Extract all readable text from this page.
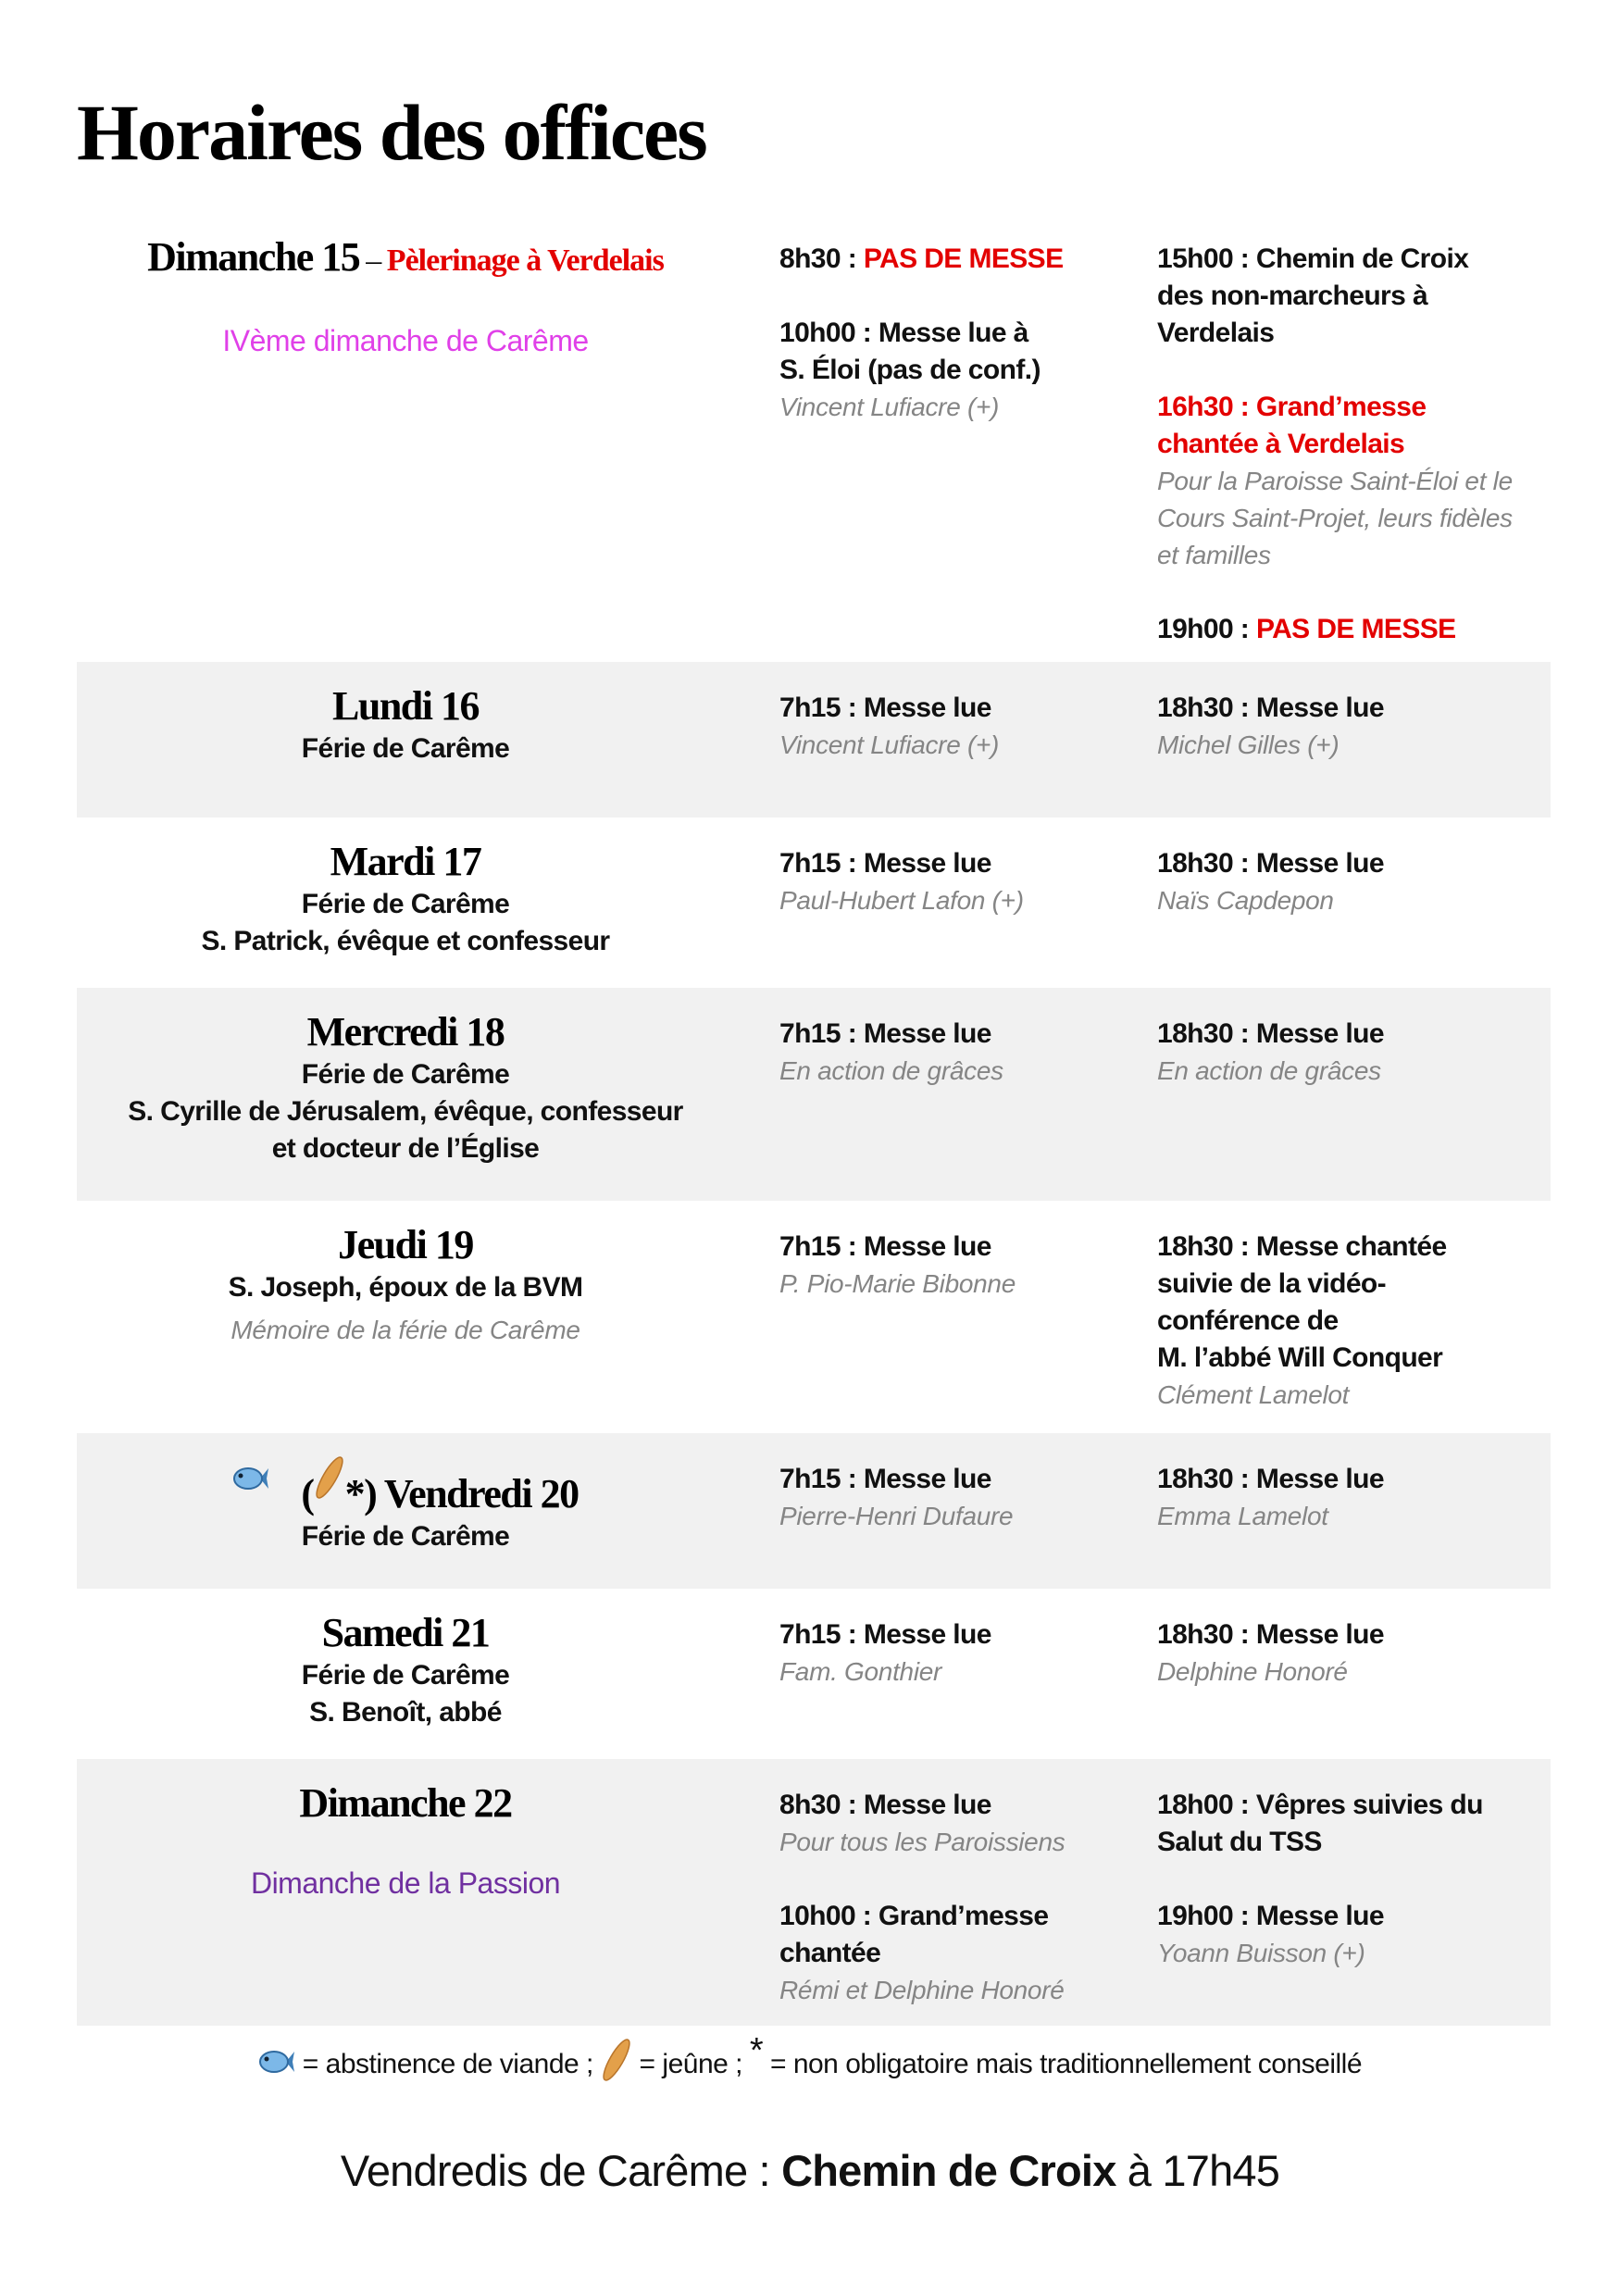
Horaires des offices
Dimanche 15 – Pèlerinage à Verdelais
IVème dimanche de Carême
8h30 : PAS DE MESSE
10h00 : Messe lue à
S. Éloi (pas de conf.)
Vincent Lufiacre (+)
15h00 : Chemin de Croix
des non-marcheurs à
Verdelais
16h30 : Grand’messe
chantée à Verdelais
Pour la Paroisse Saint-Éloi et le
Cours Saint-Projet, leurs fidèles
et familles
19h00 : PAS DE MESSE
Lundi 16
Férie de Carême
7h15 : Messe lue
Vincent Lufiacre (+)
18h30 : Messe lue
Michel Gilles (+)
Mardi 17
Férie de Carême
S. Patrick, évêque et confesseur
7h15 : Messe lue
Paul-Hubert Lafon (+)
18h30 : Messe lue
Naïs Capdepon
Mercredi 18
Férie de Carême
S. Cyrille de Jérusalem, évêque, confesseur
et docteur de l’Église
7h15 : Messe lue
En action de grâces
18h30 : Messe lue
En action de grâces
Jeudi 19
S. Joseph, époux de la BVM
Mémoire de la férie de Carême
7h15 : Messe lue
P. Pio-Marie Bibonne
18h30 : Messe chantée
suivie de la vidéo-
conférence de
M. l’abbé Will Conquer
Clément Lamelot
( *) Vendredi 20
Férie de Carême
7h15 : Messe lue
Pierre-Henri Dufaure
18h30 : Messe lue
Emma Lamelot
Samedi 21
Férie de Carême
S. Benoît, abbé
7h15 : Messe lue
Fam. Gonthier
18h30 : Messe lue
Delphine Honoré
Dimanche 22
Dimanche de la Passion
8h30 : Messe lue
Pour tous les Paroissiens
10h00 : Grand’messe
chantée
Rémi et Delphine Honoré
18h00 : Vêpres suivies du
Salut du TSS
19h00 : Messe lue
Yoann Buisson (+)
= abstinence de viande ;  = jeûne ; * = non obligatoire mais traditionnellement conseillé
Vendredis de Carême : Chemin de Croix à 17h45
